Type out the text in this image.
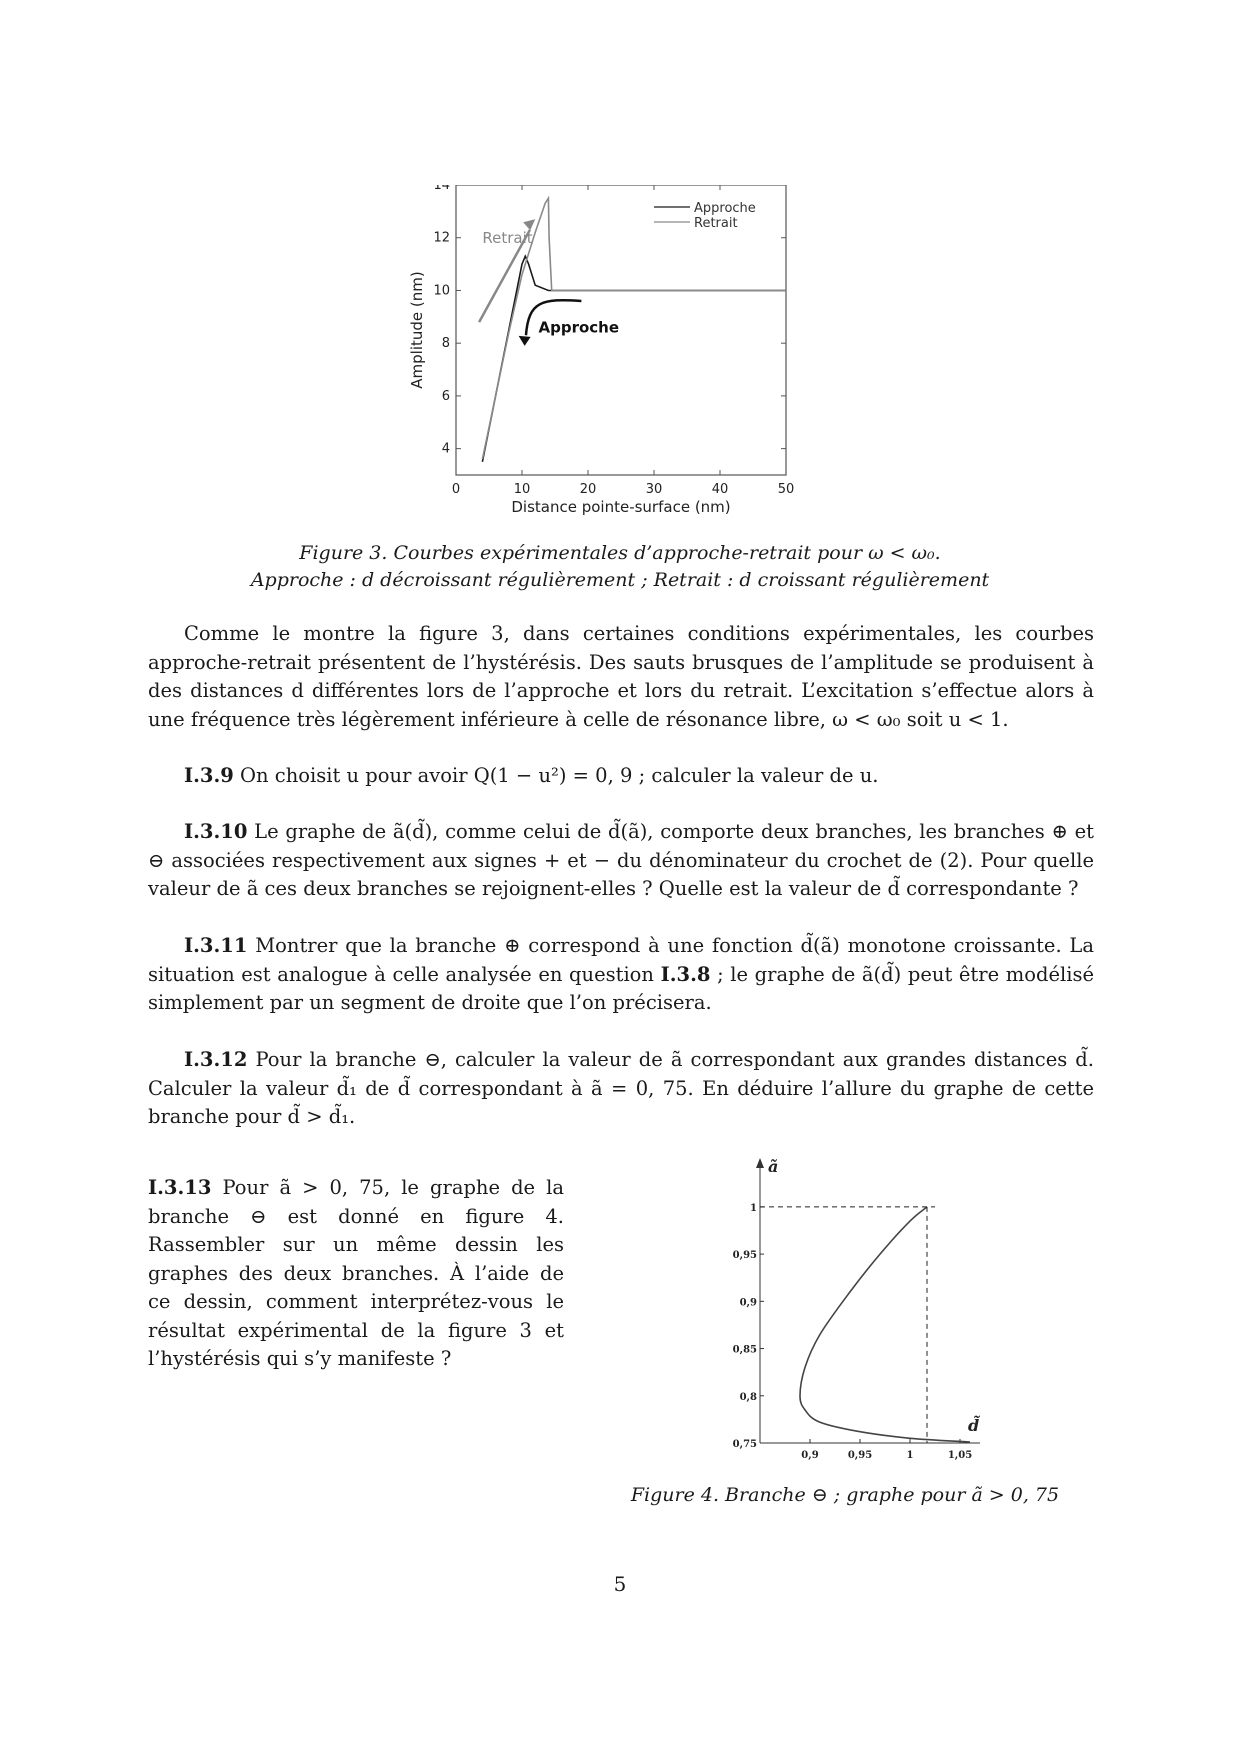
0	10	20	30	40	50
4
6
8
10
12
14
Distance pointe-surface (nm)
Amplitude (nm)
Approche
Retrait
Retrait
Approche
Figure 3. Courbes expérimentales d’approche-retrait pour ω < ω₀.
Approche : d décroissant régulièrement ; Retrait : d croissant régulièrement
Comme le montre la figure 3, dans certaines conditions expérimentales, les courbes approche-retrait présentent de l’hystérésis. Des sauts brusques de l’amplitude se produisent à des distances d différentes lors de l’approche et lors du retrait. L’excitation s’effectue alors à une fréquence très légèrement inférieure à celle de résonance libre, ω < ω₀ soit u < 1.
I.3.9 On choisit u pour avoir Q(1 − u²) = 0, 9 ; calculer la valeur de u.
I.3.10 Le graphe de ã(d̃), comme celui de d̃(ã), comporte deux branches, les branches ⊕ et ⊖ associées respectivement aux signes + et − du dénominateur du crochet de (2). Pour quelle valeur de ã ces deux branches se rejoignent-elles ? Quelle est la valeur de d̃ correspondante ?
I.3.11 Montrer que la branche ⊕ correspond à une fonction d̃(ã) monotone croissante. La situation est analogue à celle analysée en question I.3.8 ; le graphe de ã(d̃) peut être modélisé simplement par un segment de droite que l’on précisera.
I.3.12 Pour la branche ⊖, calculer la valeur de ã correspondant aux grandes distances d̃. Calculer la valeur d̃₁ de d̃ correspondant à ã = 0, 75. En déduire l’allure du graphe de cette branche pour d̃ > d̃₁.
I.3.13 Pour ã > 0, 75, le graphe de la branche ⊖ est donné en figure 4. Rassembler sur un même dessin les graphes des deux branches. À l’aide de ce dessin, comment interprétez-vous le résultat expérimental de la figure 3 et l’hystérésis qui s’y manifeste ?
0,9	0,95	1	1,05
0,75
0,8
0,85
0,9
0,95
1
ã
d̃
Figure 4. Branche ⊖ ; graphe pour ã > 0, 75
5
